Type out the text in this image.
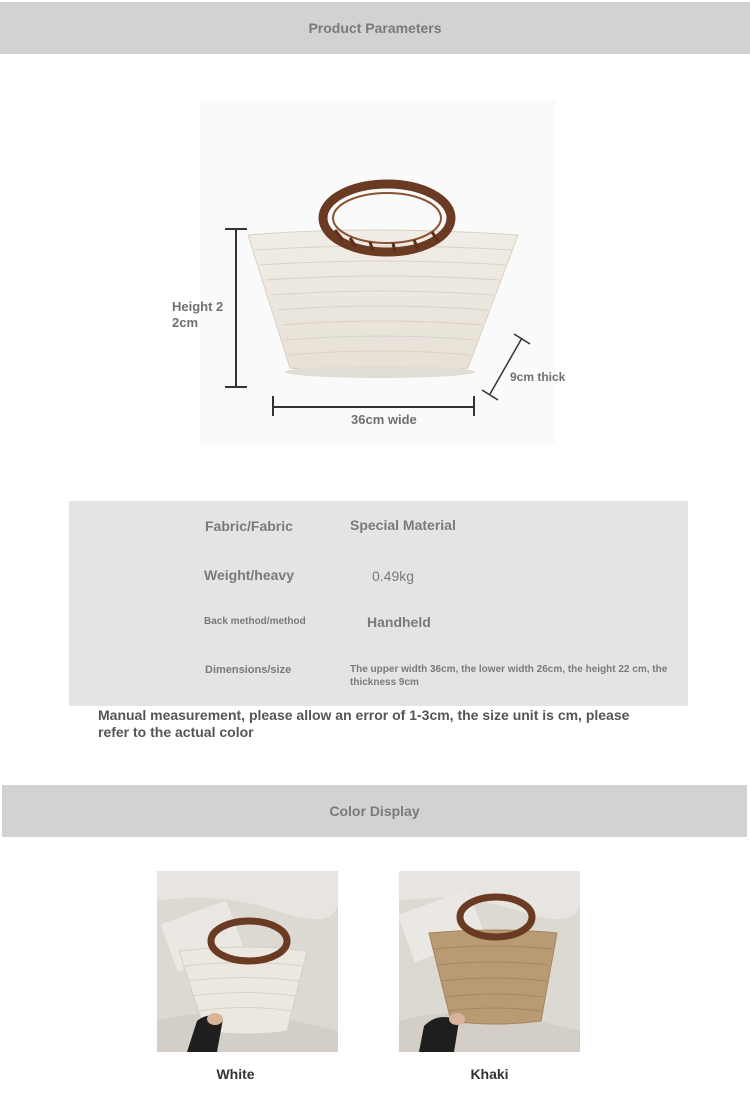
Product Parameters
Height 2
2cm
36cm wide
9cm thick
Fabric/Fabric	Special Material
Weight/heavy	0.49kg
Back method/method	Handheld
Dimensions/size	The upper width 36cm, the lower width 26cm, the height 22 cm, the thickness 9cm
Manual measurement, please allow an error of 1-3cm, the size unit is cm, please refer to the actual color
Color Display
White	Khaki
